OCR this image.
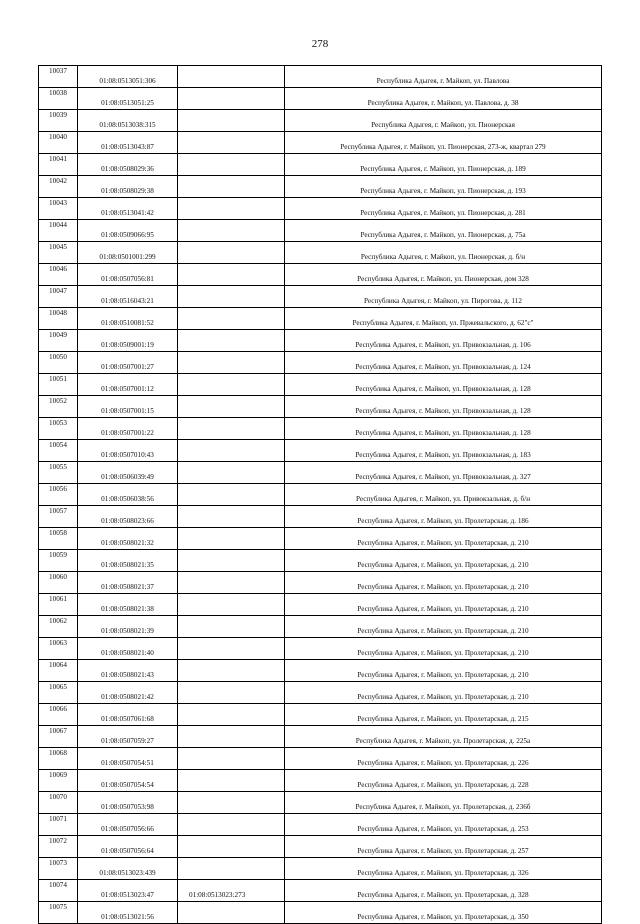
278
10037	01:08:0513051:306		Республика Адыгея, г. Майкоп, ул. Павлова
10038	01:08:0513051:25		Республика Адыгея, г. Майкоп, ул. Павлова, д. 38
10039	01:08:0513038:315		Республика Адыгея, г. Майкоп, ул. Пионерская
10040	01:08:0513043:87		Республика Адыгея, г. Майкоп, ул. Пионерская, 273-ж, квартал 279
10041	01:08:0508029:36		Республика Адыгея, г. Майкоп, ул. Пионерская, д. 189
10042	01:08:0508029:38		Республика Адыгея, г. Майкоп, ул. Пионерская, д. 193
10043	01:08:0513041:42		Республика Адыгея, г. Майкоп, ул. Пионерская, д. 281
10044	01:08:0509066:95		Республика Адыгея, г. Майкоп, ул. Пионерская, д. 75а
10045	01:08:0501001:299		Республика Адыгея, г. Майкоп, ул. Пионерская, д. б/н
10046	01:08:0507056:81		Республика Адыгея, г. Майкоп, ул. Пионерская, дом 328
10047	01:08:0516043:21		Республика Адыгея, г. Майкоп, ул. Пирогова, д. 112
10048	01:08:0510081:52		Республика Адыгея, г. Майкоп, ул. Пржевальского, д. 62"с"
10049	01:08:0509001:19		Республика Адыгея, г. Майкоп, ул. Привокзальная, д. 106
10050	01:08:0507001:27		Республика Адыгея, г. Майкоп, ул. Привокзальная, д. 124
10051	01:08:0507001:12		Республика Адыгея, г. Майкоп, ул. Привокзальная, д. 128
10052	01:08:0507001:15		Республика Адыгея, г. Майкоп, ул. Привокзальная, д. 128
10053	01:08:0507001:22		Республика Адыгея, г. Майкоп, ул. Привокзальная, д. 128
10054	01:08:0507010:43		Республика Адыгея, г. Майкоп, ул. Привокзальная, д. 183
10055	01:08:0506039:49		Республика Адыгея, г. Майкоп, ул. Привокзальная, д. 327
10056	01:08:0506038:56		Республика Адыгея, г. Майкоп, ул. Привокзальная, д. б/н
10057	01:08:0508023:66		Республика Адыгея, г. Майкоп, ул. Пролетарская, д. 186
10058	01:08:0508021:32		Республика Адыгея, г. Майкоп, ул. Пролетарская, д. 210
10059	01:08:0508021:35		Республика Адыгея, г. Майкоп, ул. Пролетарская, д. 210
10060	01:08:0508021:37		Республика Адыгея, г. Майкоп, ул. Пролетарская, д. 210
10061	01:08:0508021:38		Республика Адыгея, г. Майкоп, ул. Пролетарская, д. 210
10062	01:08:0508021:39		Республика Адыгея, г. Майкоп, ул. Пролетарская, д. 210
10063	01:08:0508021:40		Республика Адыгея, г. Майкоп, ул. Пролетарская, д. 210
10064	01:08:0508021:43		Республика Адыгея, г. Майкоп, ул. Пролетарская, д. 210
10065	01:08:0508021:42		Республика Адыгея, г. Майкоп, ул. Пролетарская, д. 210
10066	01:08:0507061:68		Республика Адыгея, г. Майкоп, ул. Пролетарская, д. 215
10067	01:08:0507059:27		Республика Адыгея, г. Майкоп, ул. Пролетарская, д. 225а
10068	01:08:0507054:51		Республика Адыгея, г. Майкоп, ул. Пролетарская, д. 226
10069	01:08:0507054:54		Республика Адыгея, г. Майкоп, ул. Пролетарская, д. 228
10070	01:08:0507053:98		Республика Адыгея, г. Майкоп, ул. Пролетарская, д. 236б
10071	01:08:0507056:66		Республика Адыгея, г. Майкоп, ул. Пролетарская, д. 253
10072	01:08:0507056:64		Республика Адыгея, г. Майкоп, ул. Пролетарская, д. 257
10073	01:08:0513023:439		Республика Адыгея, г. Майкоп, ул. Пролетарская, д. 326
10074	01:08:0513023:47	01:08:0513023:273	Республика Адыгея, г. Майкоп, ул. Пролетарская, д. 328
10075	01:08:0513021:56		Республика Адыгея, г. Майкоп, ул. Пролетарская, д. 350
